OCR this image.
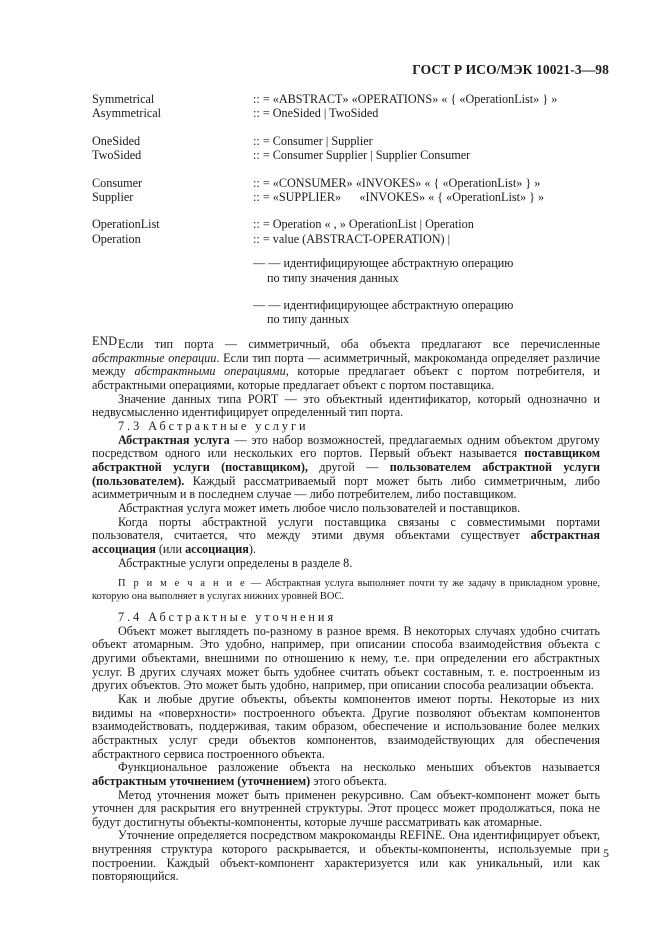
ГОСТ Р ИСО/МЭК 10021-3—98
Symmetrical	:: = «ABSTRACT» «OPERATIONS» « { «OperationList» } »
Asymmetrical	:: = OneSided | TwoSided
OneSided	:: = Consumer | Supplier
TwoSided	:: = Consumer Supplier | Supplier Consumer
Consumer	:: = «CONSUMER» «INVOKES» « { «OperationList» } »
Supplier	:: = «SUPPLIER»      «INVOKES» « { «OperationList» } »
OperationList	:: = Operation « , » OperationList | Operation
Operation	:: = value (ABSTRACT-OPERATION) |
— — идентифицирующее абстрактную операцию
по типу значения данных
— — идентифицирующее абстрактную операцию
по типу данных
END Если тип порта — симметричный, оба объекта предлагают все перечисленные абстрактные операции. Если тип порта — асимметричный, макрокоманда определяет различие между абстрактными операциями, которые предлагает объект с портом потребителя, и абстрактными операциями, которые предлагает объект с портом поставщика.

Значение данных типа PORT — это объектный идентификатор, который однозначно и недвусмысленно идентифицирует определенный тип порта.

7.3 Абстрактные услуги

Абстрактная услуга — это набор возможностей, предлагаемых одним объектом другому посредством одного или нескольких его портов. Первый объект называется поставщиком абстрактной услуги (поставщиком), другой — пользователем абстрактной услуги (пользователем). Каждый рассматриваемый порт может быть либо симметричным, либо асимметричным и в последнем случае — либо потребителем, либо поставщиком.

Абстрактная услуга может иметь любое число пользователей и поставщиков.

Когда порты абстрактной услуги поставщика связаны с совместимыми портами пользователя, считается, что между этими двумя объектами существует абстрактная ассоциация (или ассоциация).

Абстрактные услуги определены в разделе 8.

П р и м е ч а н и е — Абстрактная услуга выполняет почти ту же задачу в прикладном уровне, которую она выполняет в услугах нижних уровней ВОС.

7.4 Абстрактные уточнения

Объект может выглядеть по-разному в разное время. В некоторых случаях удобно считать объект атомарным. Это удобно, например, при описании способа взаимодействия объекта с другими объектами, внешними по отношению к нему, т.е. при определении его абстрактных услуг. В других случаях может быть удобнее считать объект составным, т. е. построенным из других объектов. Это может быть удобно, например, при описании способа реализации объекта.

Как и любые другие объекты, объекты компонентов имеют порты. Некоторые из них видимы на «поверхности» построенного объекта. Другие позволяют объектам компонентов взаимодействовать, поддерживая, таким образом, обеспечение и использование более мелких абстрактных услуг среди объектов компонентов, взаимодействующих для обеспечения абстрактного сервиса построенного объекта.

Функциональное разложение объекта на несколько меньших объектов называется абстрактным уточнением (уточнением) этого объекта.

Метод уточнения может быть применен рекурсивно. Сам объект-компонент может быть уточнен для раскрытия его внутренней структуры. Этот процесс может продолжаться, пока не будут достигнуты объекты-компоненты, которые лучше рассматривать как атомарные.

Уточнение определяется посредством макрокоманды REFINE. Она идентифицирует объект, внутренняя структура которого раскрывается, и объекты-компоненты, используемые при построении. Каждый объект-компонент характеризуется или как уникальный, или как повторяющийся.

5
